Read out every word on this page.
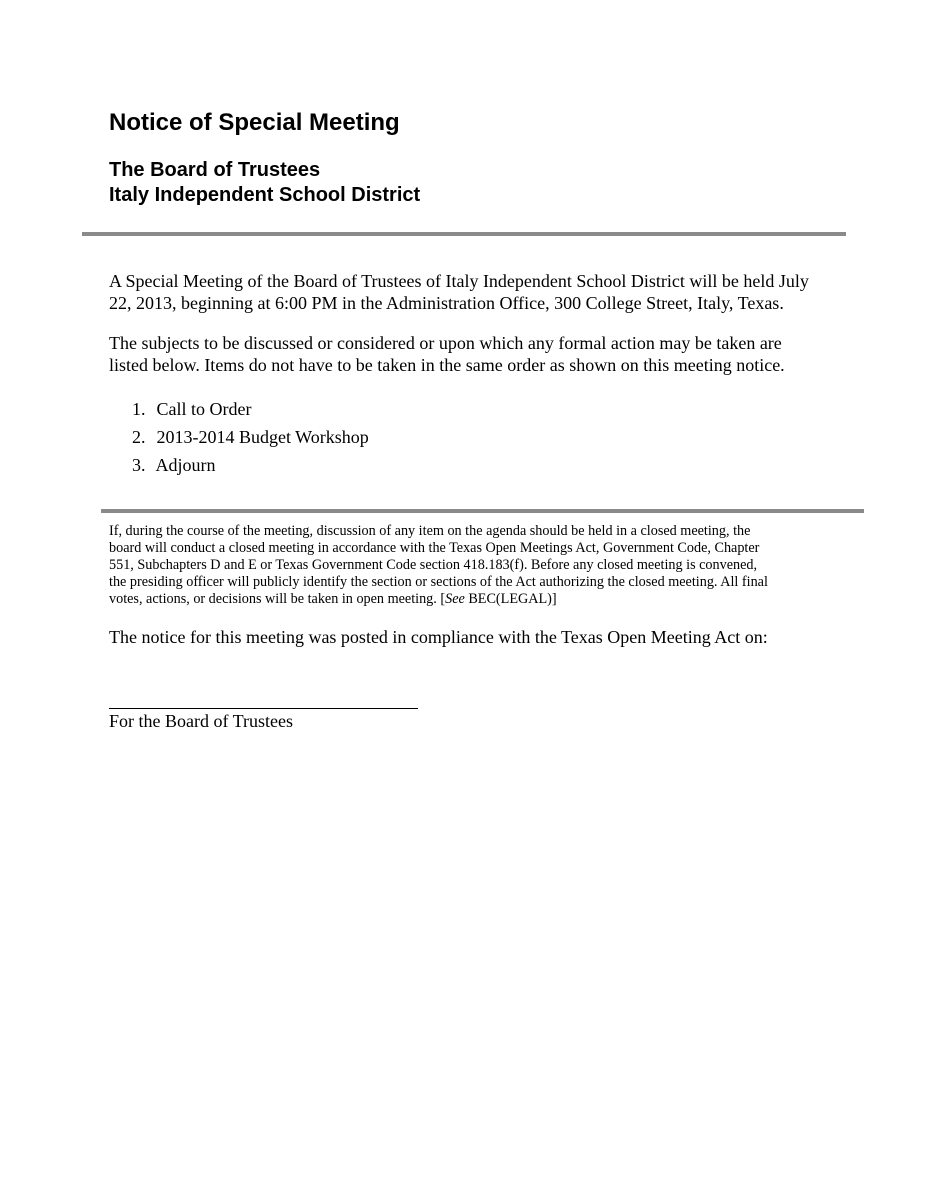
Notice of Special Meeting
The Board of Trustees
Italy Independent School District
A Special Meeting of the Board of Trustees of Italy Independent School District will be held July
22, 2013, beginning at 6:00 PM in the Administration Office, 300 College Street, Italy, Texas.
The subjects to be discussed or considered or upon which any formal action may be taken are
listed below. Items do not have to be taken in the same order as shown on this meeting notice.
1. Call to Order
2. 2013-2014 Budget Workshop
3. Adjourn
If, during the course of the meeting, discussion of any item on the agenda should be held in a closed meeting, the
board will conduct a closed meeting in accordance with the Texas Open Meetings Act, Government Code, Chapter
551, Subchapters D and E or Texas Government Code section 418.183(f). Before any closed meeting is convened,
the presiding officer will publicly identify the section or sections of the Act authorizing the closed meeting. All final
votes, actions, or decisions will be taken in open meeting. [See BEC(LEGAL)]
The notice for this meeting was posted in compliance with the Texas Open Meeting Act on:
For the Board of Trustees
